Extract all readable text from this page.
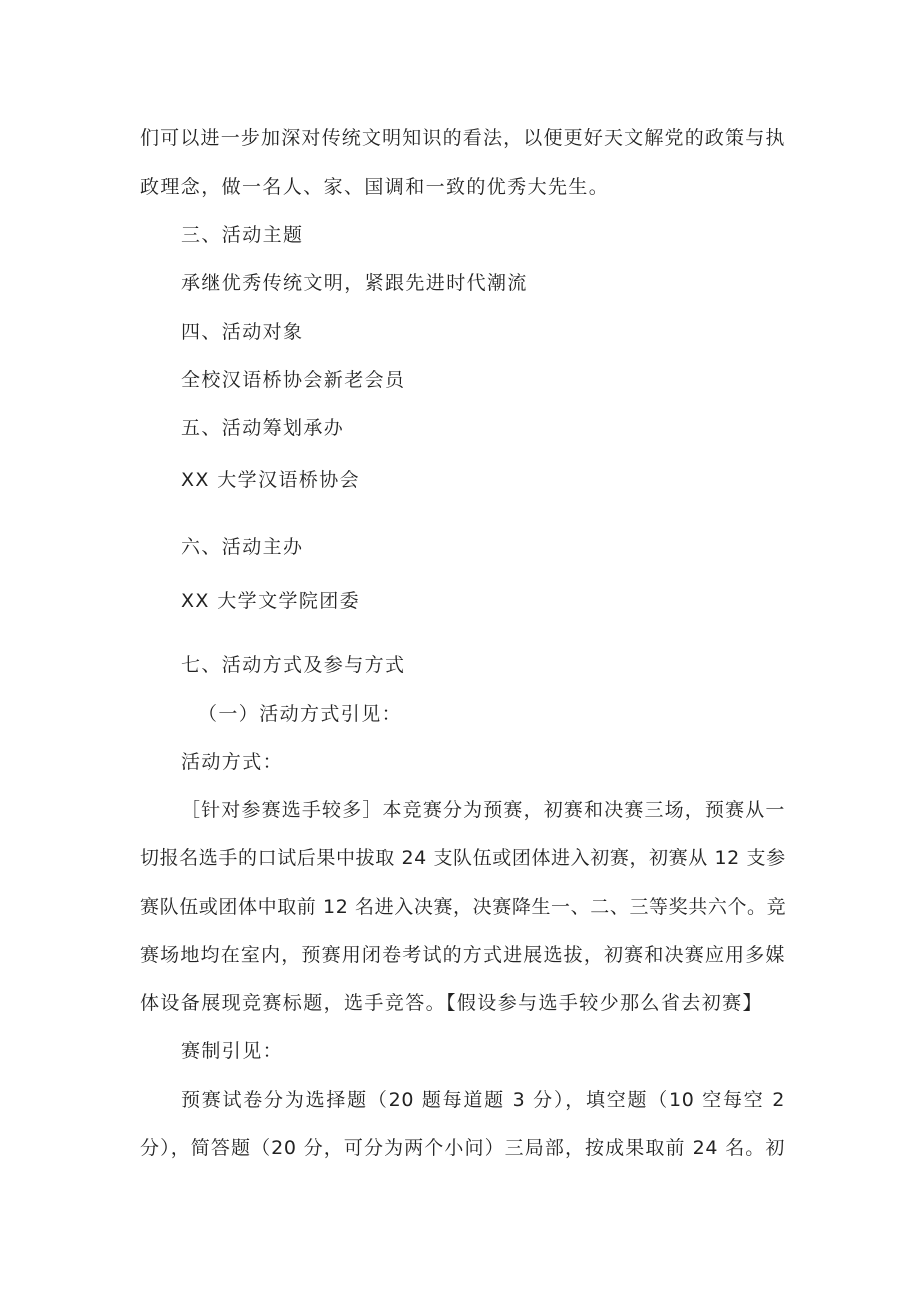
们可以进一步加深对传统文明知识的看法，以便更好天文解党的政策与执
政理念，做一名人、家、国调和一致的优秀大先生。
三、活动主题
承继优秀传统文明，紧跟先进时代潮流
四、活动对象
全校汉语桥协会新老会员
五、活动筹划承办
XX 大学汉语桥协会
六、活动主办
XX 大学文学院团委
七、活动方式及参与方式
（一）活动方式引见：
活动方式：
［针对参赛选手较多］本竞赛分为预赛，初赛和决赛三场，预赛从一
切报名选手的口试后果中拔取 24 支队伍或团体进入初赛，初赛从 12 支参
赛队伍或团体中取前 12 名进入决赛，决赛降生一、二、三等奖共六个。竞
赛场地均在室内，预赛用闭卷考试的方式进展选拔，初赛和决赛应用多媒
体设备展现竞赛标题，选手竞答。【假设参与选手较少那么省去初赛】
赛制引见：
预赛试卷分为选择题（20 题每道题 3 分），填空题（10 空每空 2
分），简答题（20 分，可分为两个小问）三局部，按成果取前 24 名。初
